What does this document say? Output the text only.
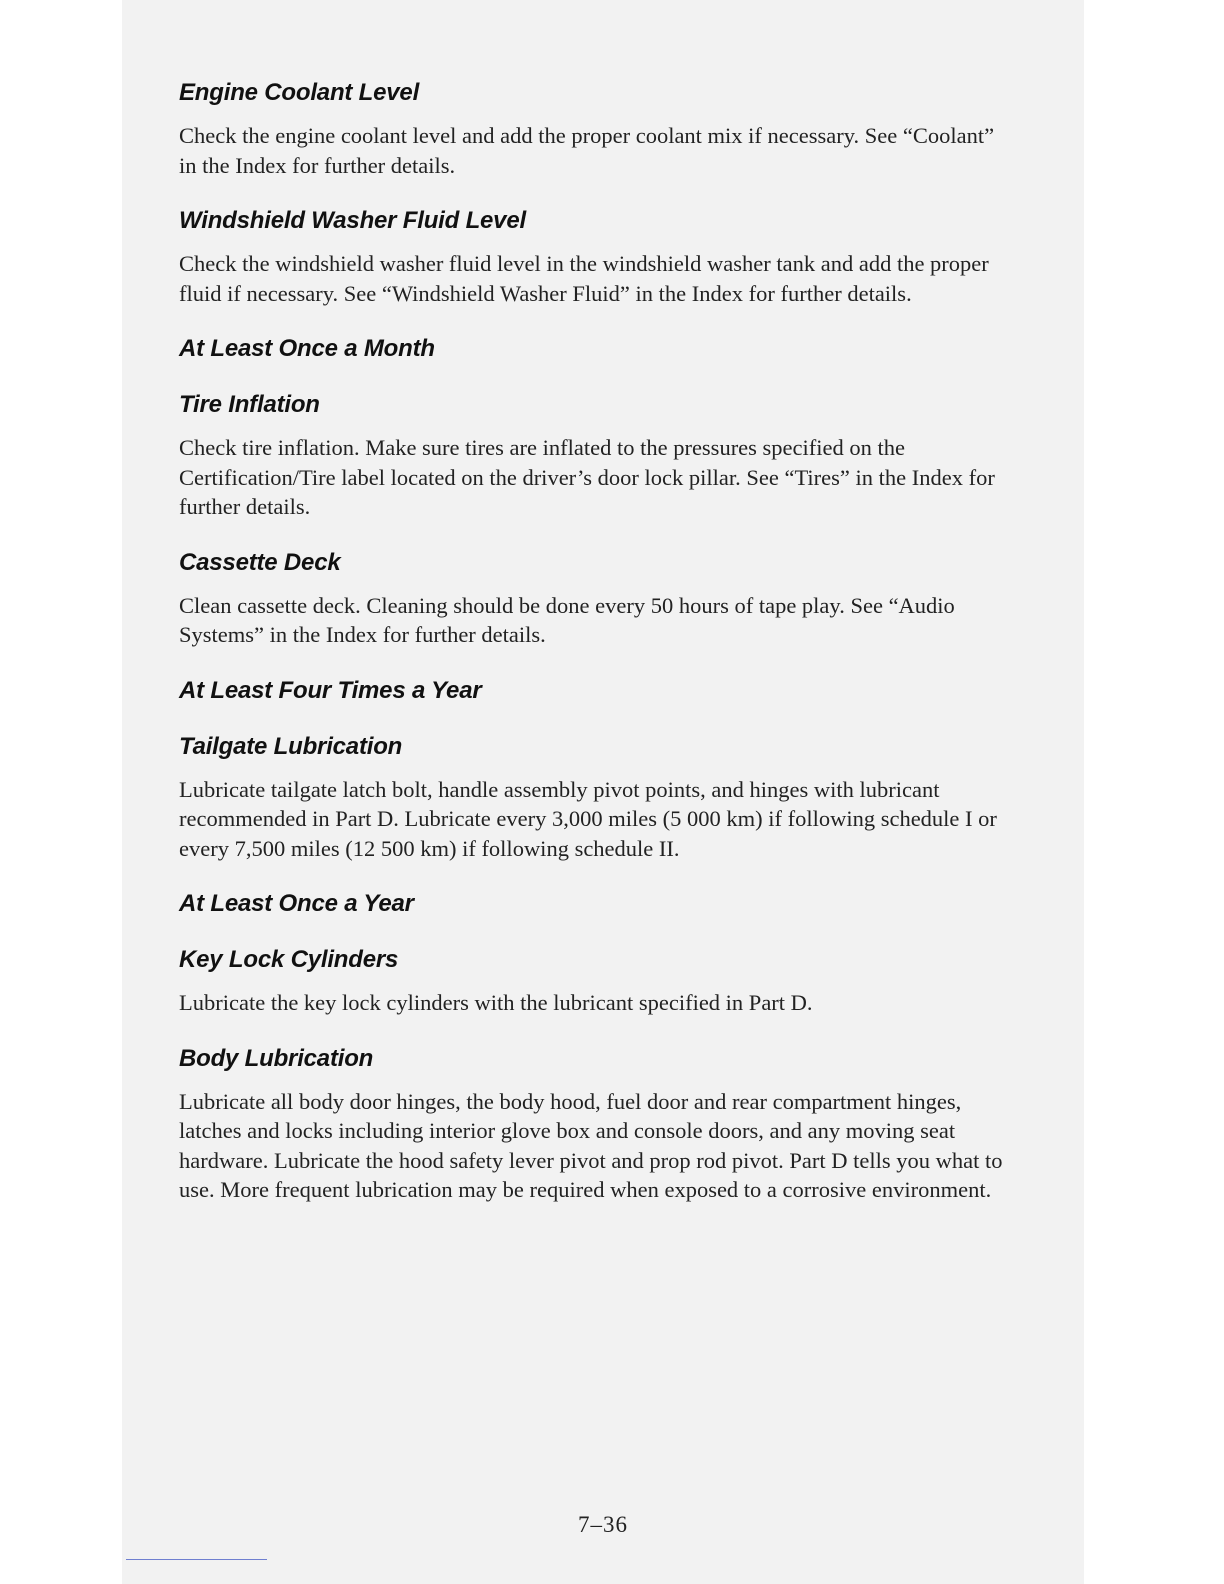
Engine Coolant Level

Check the engine coolant level and add the proper coolant mix if necessary. See “Coolant” in the Index for further details.

Windshield Washer Fluid Level

Check the windshield washer fluid level in the windshield washer tank and add the proper fluid if necessary. See “Windshield Washer Fluid” in the Index for further details.

At Least Once a Month
Tire Inflation

Check tire inflation. Make sure tires are inflated to the pressures specified on the Certification/Tire label located on the driver’s door lock pillar. See “Tires” in the Index for further details.

Cassette Deck

Clean cassette deck. Cleaning should be done every 50 hours of tape play. See “Audio Systems” in the Index for further details.

At Least Four Times a Year
Tailgate Lubrication

Lubricate tailgate latch bolt, handle assembly pivot points, and hinges with lubricant recommended in Part D. Lubricate every 3,000 miles (5 000 km) if following schedule I or every 7,500 miles (12 500 km) if following schedule II.

At Least Once a Year
Key Lock Cylinders

Lubricate the key lock cylinders with the lubricant specified in Part D.

Body Lubrication

Lubricate all body door hinges, the body hood, fuel door and rear compartment hinges, latches and locks including interior glove box and console doors, and any moving seat hardware. Lubricate the hood safety lever pivot and prop rod pivot. Part D tells you what to use. More frequent lubrication may be required when exposed to a corrosive environment.

7–36
